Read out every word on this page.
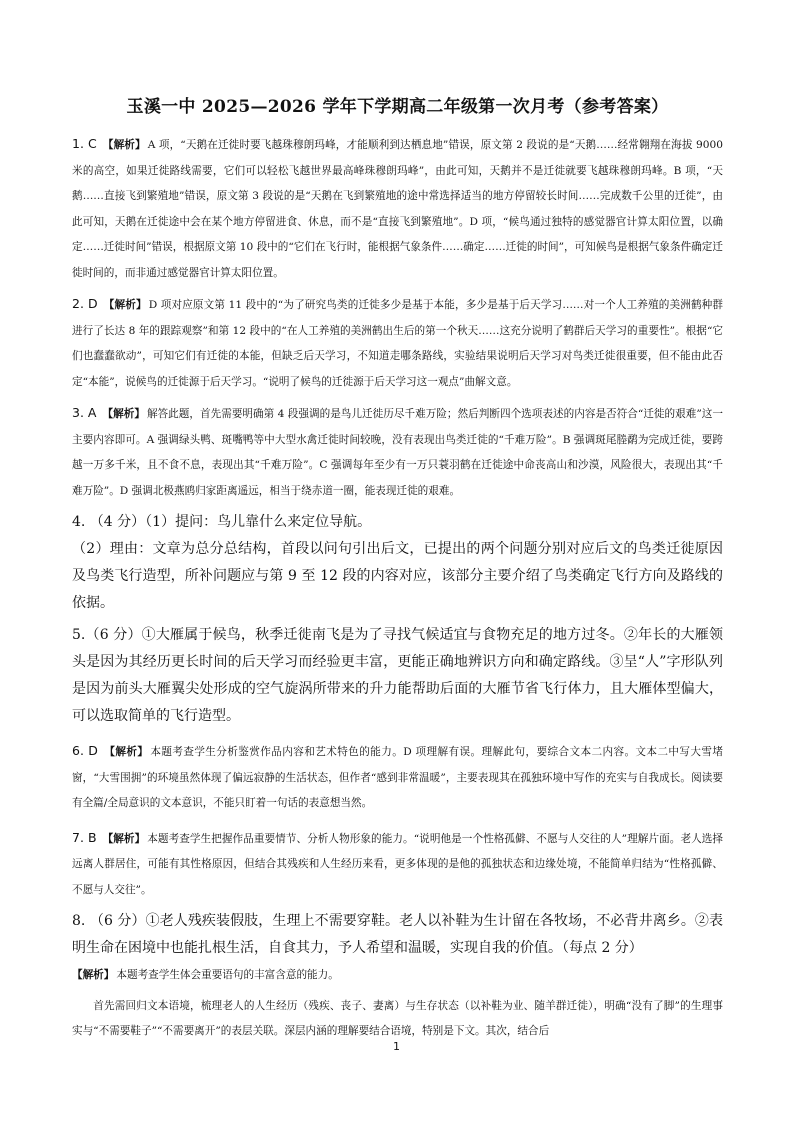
玉溪一中 2025—2026 学年下学期高二年级第一次月考（参考答案）
1. C 【解析】 A 项，“天鹅在迁徙时要飞越珠穆朗玛峰，才能顺利到达栖息地”错误，原文第 2 段说的是“天鹅……经常翱翔在海拔 9000 米的高空，如果迁徙路线需要，它们可以轻松飞越世界最高峰珠穆朗玛峰”，由此可知，天鹅并不是迁徙就要飞越珠穆朗玛峰。B 项，“天鹅……直接飞到繁殖地”错误，原文第 3 段说的是“天鹅在飞到繁殖地的途中常选择适当的地方停留较长时间……完成数千公里的迁徙”，由此可知，天鹅在迁徙途中会在某个地方停留进食、休息，而不是“直接飞到繁殖地”。D 项，“候鸟通过独特的感觉器官计算太阳位置，以确定……迁徙时间”错误，根据原文第 10 段中的“它们在飞行时，能根据气象条件……确定……迁徙的时间”，可知候鸟是根据气象条件确定迁徙时间的，而非通过感觉器官计算太阳位置。
2. D 【解析】 D 项对应原文第 11 段中的“为了研究鸟类的迁徙多少是基于本能，多少是基于后天学习……对一个人工养殖的美洲鹤种群进行了长达 8 年的跟踪观察”和第 12 段中的“在人工养殖的美洲鹤出生后的第一个秋天……这充分说明了鹤群后天学习的重要性”。根据“它们也蠢蠢欲动”，可知它们有迁徙的本能，但缺乏后天学习，不知道走哪条路线，实验结果说明后天学习对鸟类迁徙很重要，但不能由此否定“本能”，说候鸟的迁徙源于后天学习。“说明了候鸟的迁徙源于后天学习这一观点”曲解文意。
3. A 【解析】 解答此题，首先需要明确第 4 段强调的是鸟儿迁徙历尽千难万险；然后判断四个选项表述的内容是否符合“迁徙的艰难”这一主要内容即可。A 强调绿头鸭、斑嘴鸭等中大型水禽迁徙时间较晚，没有表现出鸟类迁徙的“千难万险”。B 强调斑尾塍鹬为完成迁徙，要跨越一万多千米，且不食不息，表现出其“千难万险”。C 强调每年至少有一万只蓑羽鹤在迁徙途中命丧高山和沙漠，风险很大，表现出其“千难万险”。D 强调北极燕鸥归家距离遥远，相当于绕赤道一圈，能表现迁徙的艰难。
4. （4 分）（1）提问：鸟儿靠什么来定位导航。
（2）理由：文章为总分总结构，首段以问句引出后文，已提出的两个问题分别对应后文的鸟类迁徙原因及鸟类飞行造型，所补问题应与第 9 至 12 段的内容对应，该部分主要介绍了鸟类确定飞行方向及路线的依据。
5.（6 分）①大雁属于候鸟，秋季迁徙南飞是为了寻找气候适宜与食物充足的地方过冬。②年长的大雁领头是因为其经历更长时间的后天学习而经验更丰富，更能正确地辨识方向和确定路线。③呈“人”字形队列是因为前头大雁翼尖处形成的空气旋涡所带来的升力能帮助后面的大雁节省飞行体力，且大雁体型偏大，可以选取简单的飞行造型。
6. D 【解析】 本题考查学生分析鉴赏作品内容和艺术特色的能力。D 项理解有误。理解此句，要综合文本二内容。文本二中写大雪堵窗，“大雪围拥”的环境虽然体现了偏远寂静的生活状态，但作者“感到非常温暖”，主要表现其在孤独环境中写作的充实与自我成长。阅读要有全篇/全局意识的文本意识，不能只盯着一句话的表意想当然。
7. B 【解析】 本题考查学生把握作品重要情节、分析人物形象的能力。“说明他是一个性格孤僻、不愿与人交往的人”理解片面。老人选择远离人群居住，可能有其性格原因，但结合其残疾和人生经历来看，更多体现的是他的孤独状态和边缘处境，不能简单归结为“性格孤僻、不愿与人交往”。
8. （6 分）①老人残疾装假肢，生理上不需要穿鞋。老人以补鞋为生计留在各牧场，不必背井离乡。②表明生命在困境中也能扎根生活，自食其力，予人希望和温暖，实现自我的价值。（每点 2 分）
【解析】 本题考查学生体会重要语句的丰富含意的能力。
首先需回归文本语境，梳理老人的人生经历（残疾、丧子、妻离）与生存状态（以补鞋为业、随羊群迁徙），明确“没有了脚”的生理事实与“不需要鞋子”“不需要离开”的表层关联。深层内涵的理解要结合语境，特别是下文。其次，结合后
1
